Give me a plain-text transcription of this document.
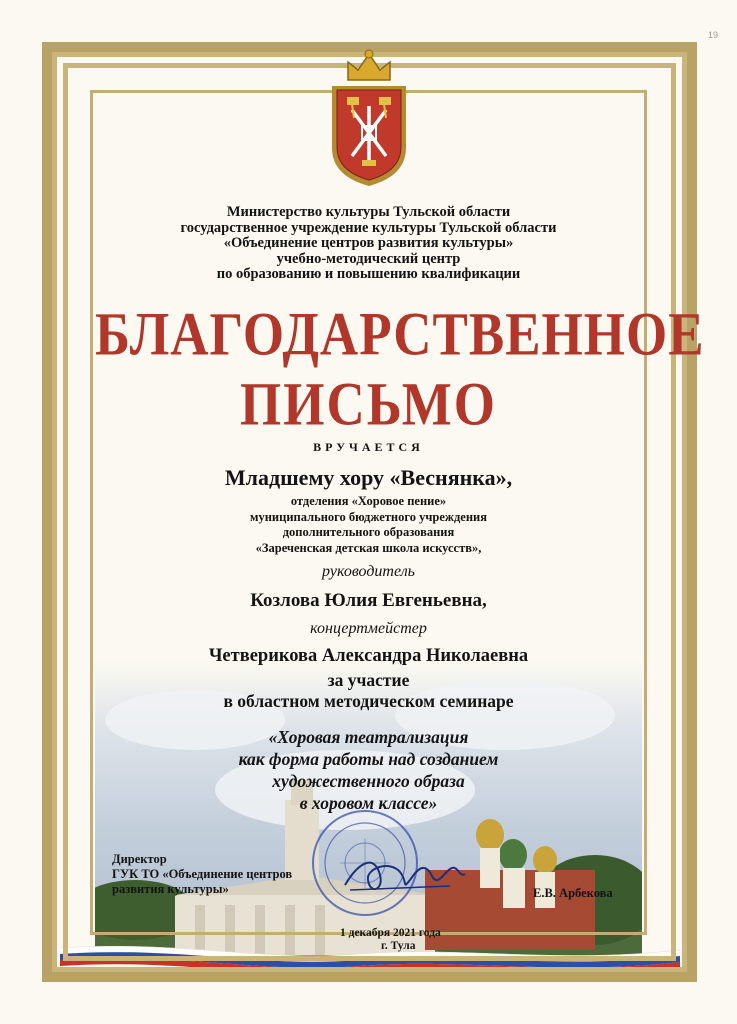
19
Министерство культуры Тульской области
государственное учреждение культуры Тульской области
«Объединение центров развития культуры»
учебно-методический центр
по образованию и повышению квалификации
БЛАГОДАРСТВЕННОЕ
ПИСЬМО
ВРУЧАЕТСЯ
Младшему хору «Веснянка»,
отделения «Хоровое пение»
муниципального бюджетного учреждения
дополнительного образования
«Зареченская детская школа искусств»,
руководитель
Козлова Юлия Евгеньевна,
концертмейстер
Четверикова Александра Николаевна
за участие
в областном методическом семинаре
«Хоровая театрализация
как форма работы над созданием
художественного образа
в хоровом классе»
Директор
ГУК ТО «Объединение центров
развития культуры»	Е.В. Арбекова
1 декабря 2021 года
г. Тула
